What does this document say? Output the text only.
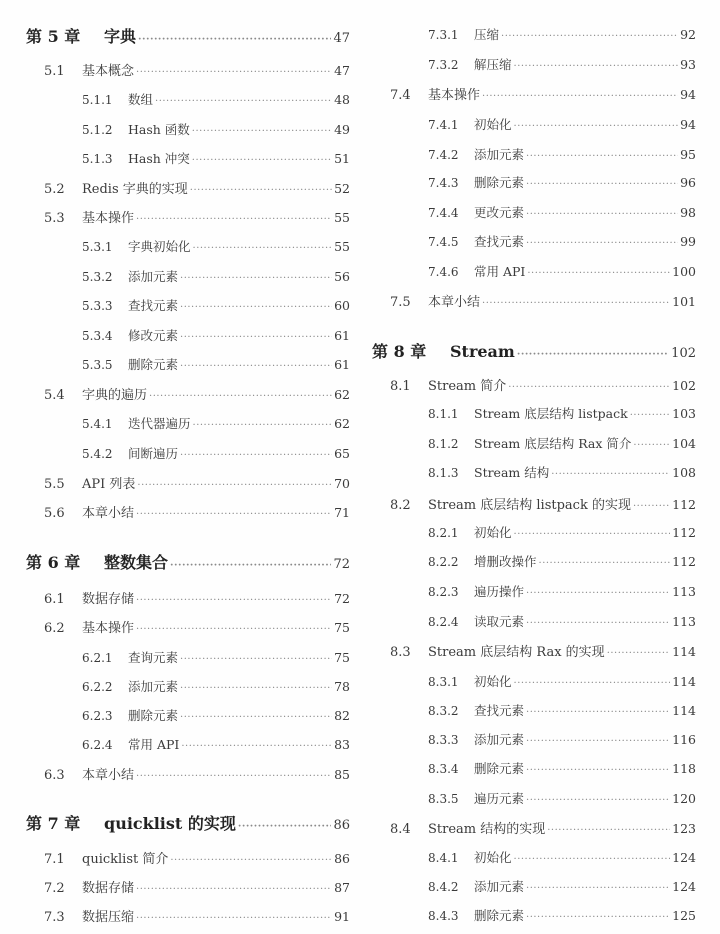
第 5 章	字典 ·····	47
5.1	基本概念 ·····	47
5.1.1	数组 ·····	48
5.1.2	Hash 函数 ·····	49
5.1.3	Hash 冲突 ·····	51
5.2	Redis 字典的实现 ·····	52
5.3	基本操作 ·····	55
5.3.1	字典初始化 ·····	55
5.3.2	添加元素 ·····	56
5.3.3	查找元素 ·····	60
5.3.4	修改元素 ·····	61
5.3.5	删除元素 ·····	61
5.4	字典的遍历 ·····	62
5.4.1	迭代器遍历 ·····	62
5.4.2	间断遍历 ·····	65
5.5	API 列表 ·····	70
5.6	本章小结 ·····	71
第 6 章	整数集合 ·····	72
6.1	数据存储 ·····	72
6.2	基本操作 ·····	75
6.2.1	查询元素 ·····	75
6.2.2	添加元素 ·····	78
6.2.3	删除元素 ·····	82
6.2.4	常用 API ·····	83
6.3	本章小结 ·····	85
第 7 章	quicklist 的实现 ·····	86
7.1	quicklist 简介 ·····	86
7.2	数据存储 ·····	87
7.3	数据压缩 ·····	91
7.3.1	压缩 ·····	92
7.3.2	解压缩 ·····	93
7.4	基本操作 ·····	94
7.4.1	初始化 ·····	94
7.4.2	添加元素 ·····	95
7.4.3	删除元素 ·····	96
7.4.4	更改元素 ·····	98
7.4.5	查找元素 ·····	99
7.4.6	常用 API ·····	100
7.5	本章小结 ·····	101
第 8 章	Stream ·····	102
8.1	Stream 简介 ·····	102
8.1.1	Stream 底层结构 listpack ·····	103
8.1.2	Stream 底层结构 Rax 简介 ·····	104
8.1.3	Stream 结构 ·····	108
8.2	Stream 底层结构 listpack 的实现 ·····	112
8.2.1	初始化 ·····	112
8.2.2	增删改操作 ·····	112
8.2.3	遍历操作 ·····	113
8.2.4	读取元素 ·····	113
8.3	Stream 底层结构 Rax 的实现 ·····	114
8.3.1	初始化 ·····	114
8.3.2	查找元素 ·····	114
8.3.3	添加元素 ·····	116
8.3.4	删除元素 ·····	118
8.3.5	遍历元素 ·····	120
8.4	Stream 结构的实现 ·····	123
8.4.1	初始化 ·····	124
8.4.2	添加元素 ·····	124
8.4.3	删除元素 ·····	125
